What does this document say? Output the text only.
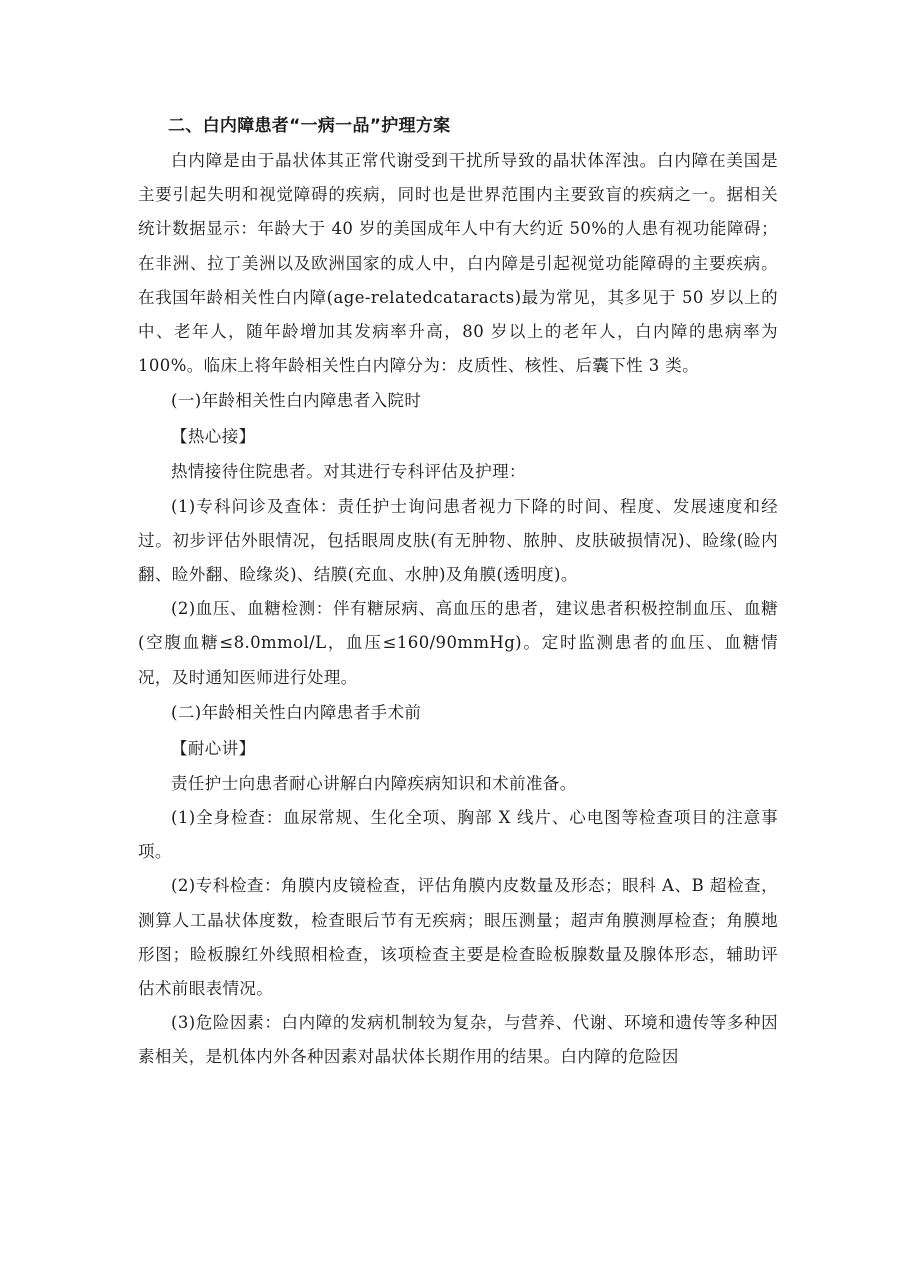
二、白内障患者“一病一品”护理方案

白内障是由于晶状体其正常代谢受到干扰所导致的晶状体浑浊。白内障在美国是主要引起失明和视觉障碍的疾病，同时也是世界范围内主要致盲的疾病之一。据相关统计数据显示：年龄大于 40 岁的美国成年人中有大约近 50%的人患有视功能障碍；在非洲、拉丁美洲以及欧洲国家的成人中，白内障是引起视觉功能障碍的主要疾病。在我国年龄相关性白内障(age-relatedcataracts)最为常见，其多见于 50 岁以上的中、老年人，随年龄增加其发病率升高，80 岁以上的老年人，白内障的患病率为 100%。临床上将年龄相关性白内障分为：皮质性、核性、后囊下性 3 类。

(一)年龄相关性白内障患者入院时

【热心接】

热情接待住院患者。对其进行专科评估及护理：

(1)专科问诊及查体：责任护士询问患者视力下降的时间、程度、发展速度和经过。初步评估外眼情况，包括眼周皮肤(有无肿物、脓肿、皮肤破损情况)、睑缘(睑内翻、睑外翻、睑缘炎)、结膜(充血、水肿)及角膜(透明度)。

(2)血压、血糖检测：伴有糖尿病、高血压的患者，建议患者积极控制血压、血糖(空腹血糖≤8.0mmol/L，血压≤160/90mmHg)。定时监测患者的血压、血糖情况，及时通知医师进行处理。

(二)年龄相关性白内障患者手术前

【耐心讲】

责任护士向患者耐心讲解白内障疾病知识和术前准备。

(1)全身检查：血尿常规、生化全项、胸部 X 线片、心电图等检查项目的注意事项。

(2)专科检查：角膜内皮镜检查，评估角膜内皮数量及形态；眼科 A、B 超检查，测算人工晶状体度数，检查眼后节有无疾病；眼压测量；超声角膜测厚检查；角膜地形图；睑板腺红外线照相检查，该项检查主要是检查睑板腺数量及腺体形态，辅助评估术前眼表情况。

(3)危险因素：白内障的发病机制较为复杂，与营养、代谢、环境和遗传等多种因素相关，是机体内外各种因素对晶状体长期作用的结果。白内障的危险因
